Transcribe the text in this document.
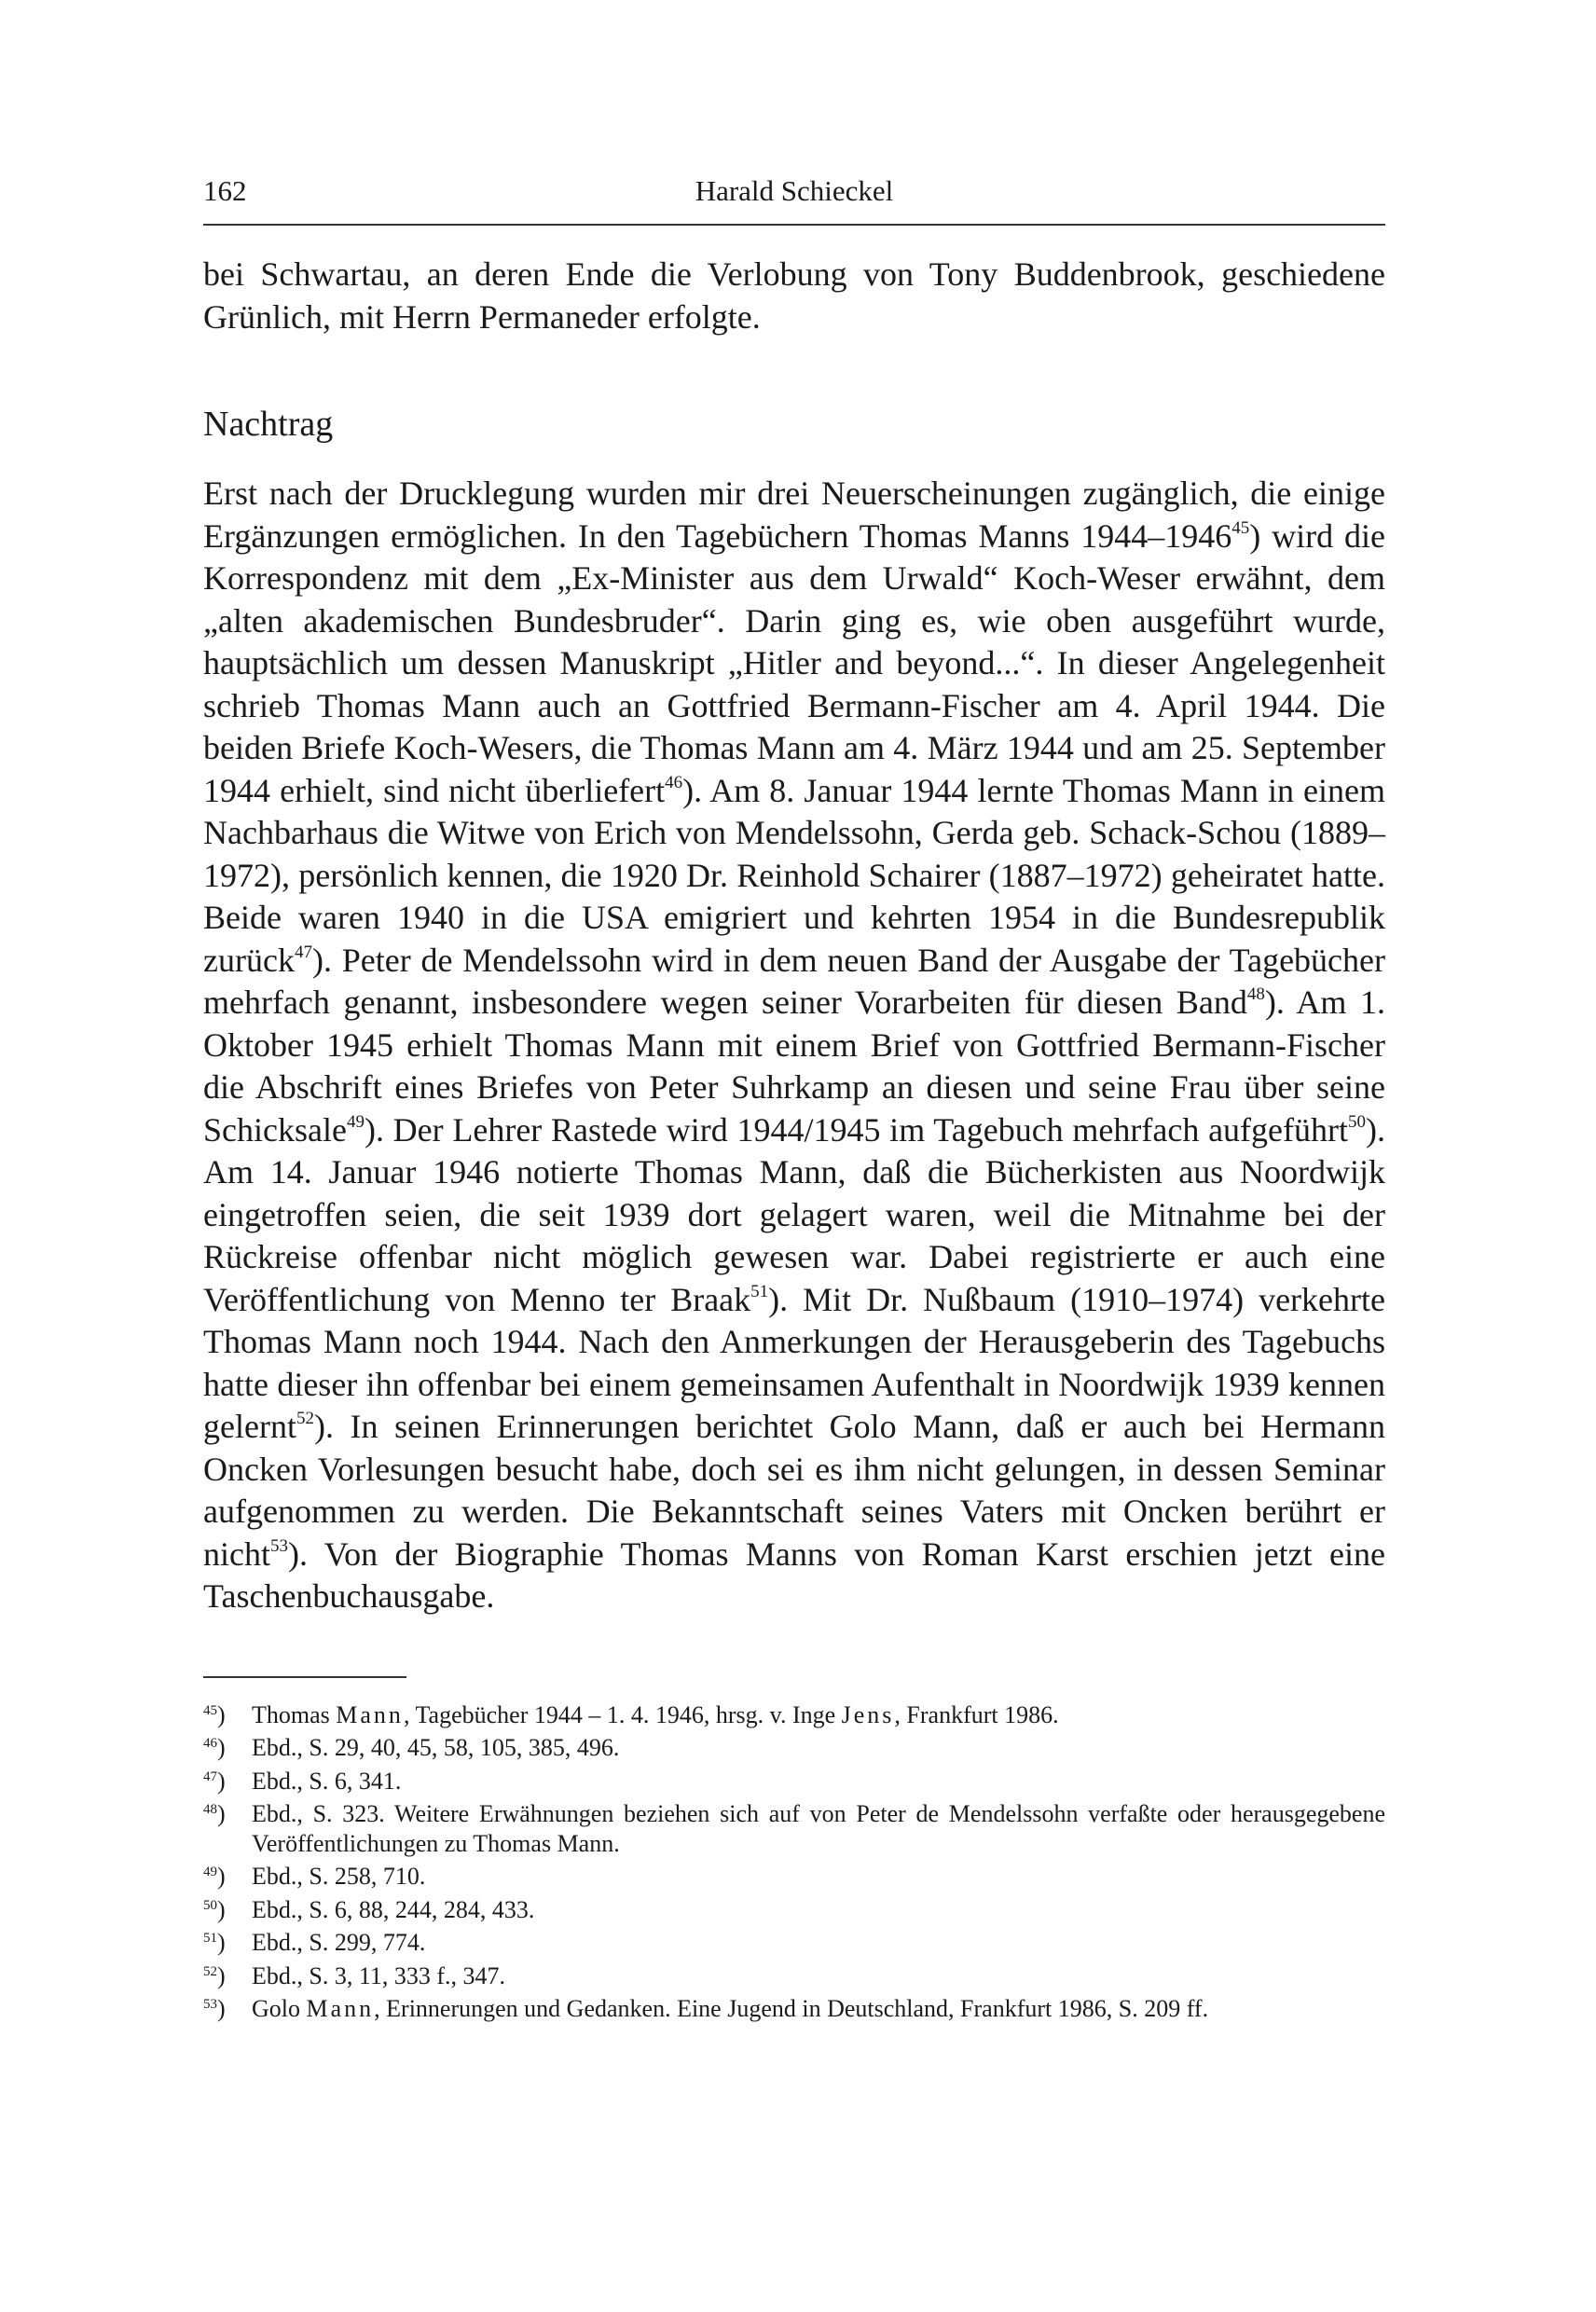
162	Harald Schieckel

bei Schwartau, an deren Ende die Verlobung von Tony Buddenbrook, geschiedene Grünlich, mit Herrn Permaneder erfolgte.

Nachtrag

Erst nach der Drucklegung wurden mir drei Neuerscheinungen zugänglich, die einige Ergänzungen ermöglichen. In den Tagebüchern Thomas Manns 1944–1946$^{45}$) wird die Korrespondenz mit dem „Ex-Minister aus dem Urwald“ Koch-Weser erwähnt, dem „alten akademischen Bundesbruder“. Darin ging es, wie oben ausgeführt wurde, hauptsächlich um dessen Manuskript „Hitler and beyond...“. In dieser Angelegenheit schrieb Thomas Mann auch an Gottfried Bermann-Fischer am 4. April 1944. Die beiden Briefe Koch-Wesers, die Thomas Mann am 4. März 1944 und am 25. September 1944 erhielt, sind nicht überliefert$^{46}$). Am 8. Januar 1944 lernte Thomas Mann in einem Nachbarhaus die Witwe von Erich von Mendelssohn, Gerda geb. Schack-Schou (1889–1972), persönlich kennen, die 1920 Dr. Reinhold Schairer (1887–1972) geheiratet hatte. Beide waren 1940 in die USA emigriert und kehrten 1954 in die Bundesrepublik zurück$^{47}$). Peter de Mendelssohn wird in dem neuen Band der Ausgabe der Tagebücher mehrfach genannt, insbesondere wegen seiner Vorarbeiten für diesen Band$^{48}$). Am 1. Oktober 1945 erhielt Thomas Mann mit einem Brief von Gottfried Bermann-Fischer die Abschrift eines Briefes von Peter Suhrkamp an diesen und seine Frau über seine Schicksale$^{49}$). Der Lehrer Rastede wird 1944/1945 im Tagebuch mehrfach aufgeführt$^{50}$). Am 14. Januar 1946 notierte Thomas Mann, daß die Bücherkisten aus Noordwijk eingetroffen seien, die seit 1939 dort gelagert waren, weil die Mitnahme bei der Rückreise offenbar nicht möglich gewesen war. Dabei registrierte er auch eine Veröffentlichung von Menno ter Braak$^{51}$). Mit Dr. Nußbaum (1910–1974) verkehrte Thomas Mann noch 1944. Nach den Anmerkungen der Herausgeberin des Tagebuchs hatte dieser ihn offenbar bei einem gemeinsamen Aufenthalt in Noordwijk 1939 kennen gelernt$^{52}$). In seinen Erinnerungen berichtet Golo Mann, daß er auch bei Hermann Oncken Vorlesungen besucht habe, doch sei es ihm nicht gelungen, in dessen Seminar aufgenommen zu werden. Die Bekanntschaft seines Vaters mit Oncken berührt er nicht$^{53}$). Von der Biographie Thomas Manns von Roman Karst erschien jetzt eine Taschenbuchausgabe.

$^{45}$) Thomas Mann, Tagebücher 1944 – 1. 4. 1946, hrsg. v. Inge Jens, Frankfurt 1986.
$^{46}$) Ebd., S. 29, 40, 45, 58, 105, 385, 496.
$^{47}$) Ebd., S. 6, 341.
$^{48}$) Ebd., S. 323. Weitere Erwähnungen beziehen sich auf von Peter de Mendelssohn verfaßte oder herausgegebene Veröffentlichungen zu Thomas Mann.
$^{49}$) Ebd., S. 258, 710.
$^{50}$) Ebd., S. 6, 88, 244, 284, 433.
$^{51}$) Ebd., S. 299, 774.
$^{52}$) Ebd., S. 3, 11, 333 f., 347.
$^{53}$) Golo Mann, Erinnerungen und Gedanken. Eine Jugend in Deutschland, Frankfurt 1986, S. 209 ff.
